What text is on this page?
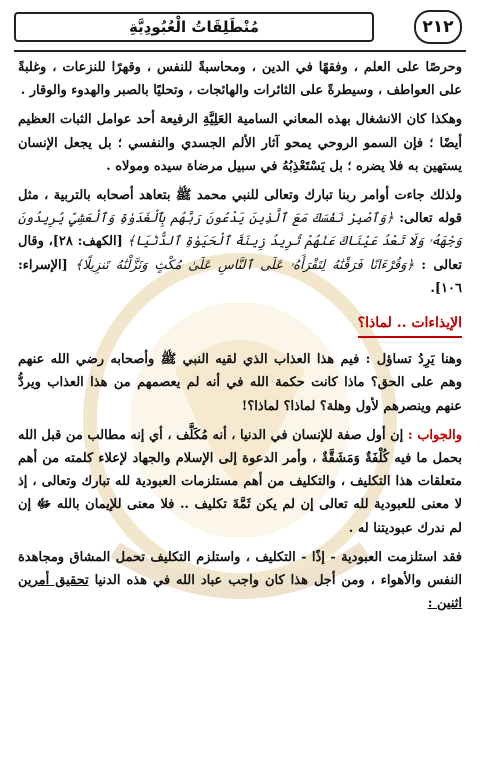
مُنْطَلِقَاتُ الْعُبُودِيَّةِ	٢١٢

وحرصًا على العلم ، وفقهًا في الدين ، ومحاسبةً للنفس ، وقهرًا للنزعات ، وغلبةً على العواطف ، وسيطرةً على الثائرات والهائجات ، وتحليًا بالصبر والهدوء والوقار .

وهكذا كان الانشغال بهذه المعاني السامية العَلِيَّةِ الرفيعة أحد عوامل الثبات العظيم أيضًا ؛ فإن السمو الروحي يمحو آثار الألم الجسدي والنفسي ؛ بل يجعل الإنسان يستهين به فلا يضره ؛ بل يَسْتَعْذِبُهُ في سبيل مرضاة سيده ومولاه .

ولذلك جاءت أوامر ربنا تبارك وتعالى للنبي محمد ﷺ بتعاهد أصحابه بالتربية ، مثل قوله تعالى: ﴿وَٱصْبِرْ نَفْسَكَ مَعَ ٱلَّذِينَ يَدْعُونَ رَبَّهُم بِٱلْغَدَوٰةِ وَٱلْعَشِيِّ يُرِيدُونَ وَجْهَهُۥ وَلَا تَعْدُ عَيْنَاكَ عَنْهُمْ تُرِيدُ زِينَةَ ٱلْحَيَوٰةِ ٱلدُّنْيَا﴾ [الكهف: ٢٨]، وقال تعالى : ﴿وَقُرْءَانًا فَرَقْنَٰهُ لِتَقْرَأَهُۥ عَلَى ٱلنَّاسِ عَلَىٰ مُكْثٍ وَنَزَّلْنَٰهُ تَنزِيلًا﴾ [الإسراء: ١٠٦].

الإيذاءات .. لماذا؟

وهنا يَرِدُ تساؤل : فيم هذا العذاب الذي لقيه النبي ﷺ وأصحابه رضي الله عنهم وهم على الحق؟ ماذا كانت حكمة الله في أنه لم يعصمهم من هذا العذاب ويردُّ عنهم وينصرهم لأول وهلة؟ لماذا؟ لماذا؟!

والجواب : إن أول صفة للإنسان في الدنيا ، أنه مُكَلَّف ، أي إنه مطالب من قبل الله بحمل ما فيه كُلْفَةٌ وَمَشَقَّةٌ ، وأمر الدعوة إلى الإسلام والجهاد لإعلاء كلمته من أهم متعلقات هذا التكليف ، والتكليف من أهم مستلزمات العبودية لله تبارك وتعالى ، إذ لا معنى للعبودية لله تعالى إن لم يكن ثَمَّةَ تكليف .. فلا معنى للإيمان بالله ﷻ إن لم ندرك عبوديتنا له .

فقد استلزمت العبودية - إذًا - التكليف ، واستلزم التكليف تحمل المشاق ومجاهدة النفس والأهواء ، ومن أجل هذا كان واجب عباد الله في هذه الدنيا تحقيق أمرين اثنين :
